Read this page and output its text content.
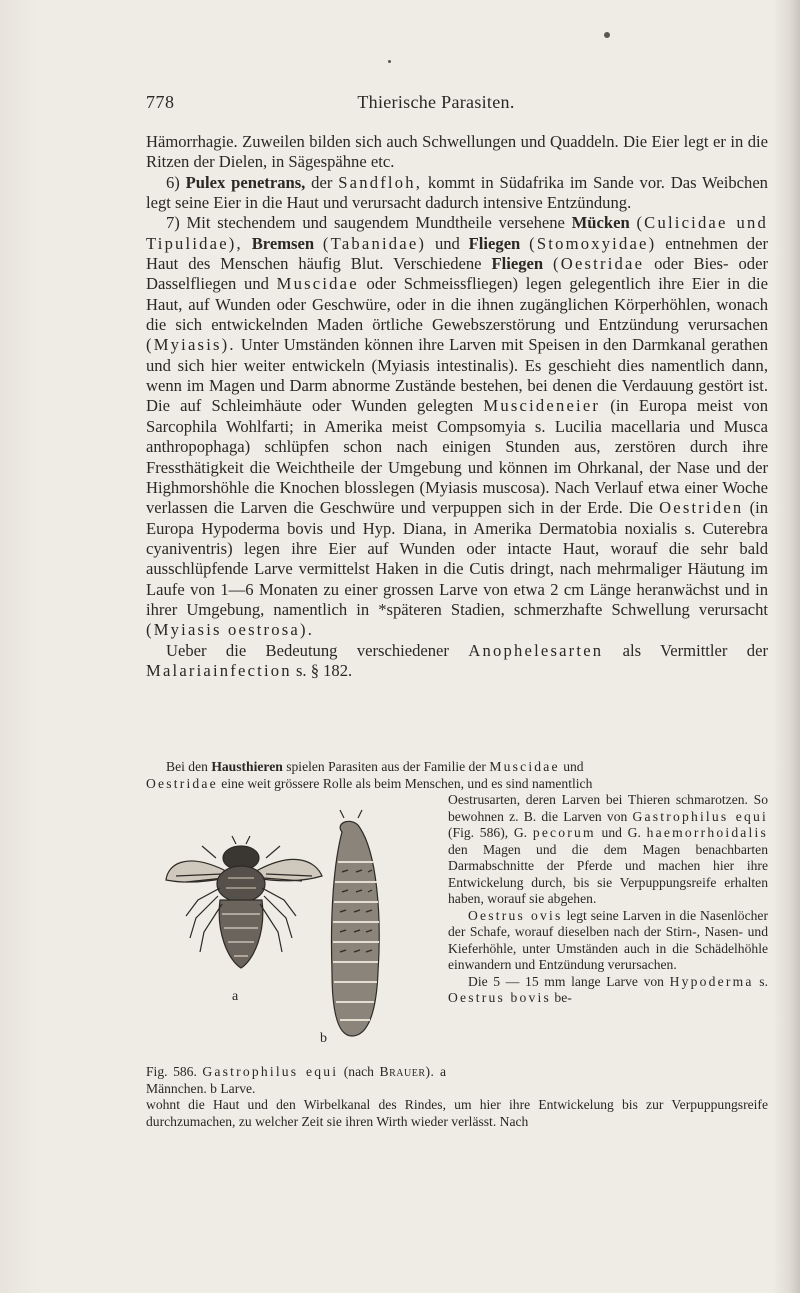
778	Thierische Parasiten.

Hämorrhagie. Zuweilen bilden sich auch Schwellungen und Quaddeln. Die Eier legt er in die Ritzen der Dielen, in Sägespähne etc.

6) Pulex penetrans, der Sandfloh, kommt in Südafrika im Sande vor. Das Weibchen legt seine Eier in die Haut und verursacht dadurch intensive Entzündung.

7) Mit stechendem und saugendem Mundtheile versehene Mücken (Culicidae und Tipulidae), Bremsen (Tabanidae) und Fliegen (Stomoxyidae) entnehmen der Haut des Menschen häufig Blut. Verschiedene Fliegen (Oestridae oder Bies- oder Dasselfliegen und Muscidae oder Schmeissfliegen) legen gelegentlich ihre Eier in die Haut, auf Wunden oder Geschwüre, oder in die ihnen zugänglichen Körperhöhlen, wonach die sich entwickelnden Maden örtliche Gewebszerstörung und Entzündung verursachen (Myiasis). Unter Umständen können ihre Larven mit Speisen in den Darmkanal gerathen und sich hier weiter entwickeln (Myiasis intestinalis). Es geschieht dies namentlich dann, wenn im Magen und Darm abnorme Zustände bestehen, bei denen die Verdauung gestört ist. Die auf Schleimhäute oder Wunden gelegten Muscideneier (in Europa meist von Sarcophila Wohlfarti; in Amerika meist Compsomyia s. Lucilia macellaria und Musca anthropophaga) schlüpfen schon nach einigen Stunden aus, zerstören durch ihre Fressthätigkeit die Weichtheile der Umgebung und können im Ohrkanal, der Nase und der Highmorshöhle die Knochen blosslegen (Myiasis muscosa). Nach Verlauf etwa einer Woche verlassen die Larven die Geschwüre und verpuppen sich in der Erde. Die Oestriden (in Europa Hypoderma bovis und Hyp. Diana, in Amerika Dermatobia noxialis s. Cuterebra cyaniventris) legen ihre Eier auf Wunden oder intacte Haut, worauf die sehr bald ausschlüpfende Larve vermittelst Haken in die Cutis dringt, nach mehrmaliger Häutung im Laufe von 1—6 Monaten zu einer grossen Larve von etwa 2 cm Länge heranwächst und in ihrer Umgebung, namentlich in *späteren Stadien, schmerzhafte Schwellung verursacht (Myiasis oestrosa).

Ueber die Bedeutung verschiedener Anophelesarten als Vermittler der Malariainfection s. § 182.

Bei den Hausthieren spielen Parasiten aus der Familie der Muscidae und
Oestridae eine weit grössere Rolle als beim Menschen, und es sind namentlich
a
b

Oestrusarten, deren Larven bei Thieren schmarotzen. So bewohnen z. B. die Larven von Gastrophilus equi (Fig. 586), G. pecorum und G. haemorrhoidalis den Magen und die dem Magen benachbarten Darmabschnitte der Pferde und machen hier ihre Entwickelung durch, bis sie Verpuppungsreife erhalten haben, worauf sie abgehen.

Oestrus ovis legt seine Larven in die Nasenlöcher der Schafe, worauf dieselben nach der Stirn-, Nasen- und Kieferhöhle, unter Umständen auch in die Schädelhöhle einwandern und Entzündung verursachen.

Die 5 — 15 mm lange Larve von Hypoderma s. Oestrus bovis be-

Fig. 586. Gastrophilus equi (nach Brauer). a Männchen. b Larve.
wohnt die Haut und den Wirbelkanal des Rindes, um hier ihre Entwickelung bis zur Verpuppungsreife durchzumachen, zu welcher Zeit sie ihren Wirth wieder verlässt. Nach
